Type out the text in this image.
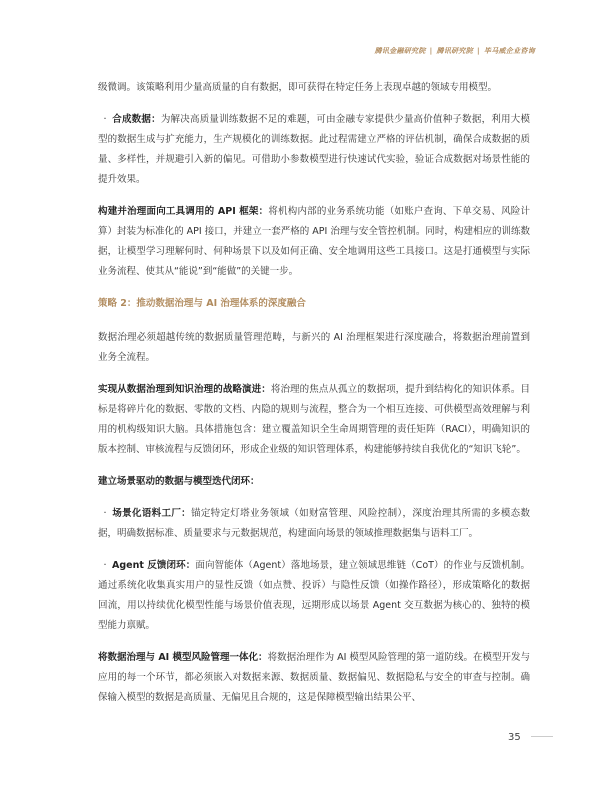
腾讯金融研究院 | 腾讯研究院 | 毕马威企业咨询

级微调。该策略利用少量高质量的自有数据，即可获得在特定任务上表现卓越的领域专用模型。

· 合成数据：为解决高质量训练数据不足的难题，可由金融专家提供少量高价值种子数据，利用大模型的数据生成与扩充能力，生产规模化的训练数据。此过程需建立严格的评估机制，确保合成数据的质量、多样性，并规避引入新的偏见。可借助小参数模型进行快速试代实验，验证合成数据对场景性能的提升效果。

构建并治理面向工具调用的 API 框架：将机构内部的业务系统功能（如账户查询、下单交易、风险计算）封装为标准化的 API 接口，并建立一套严格的 API 治理与安全管控机制。同时，构建相应的训练数据，让模型学习理解何时、何种场景下以及如何正确、安全地调用这些工具接口。这是打通模型与实际业务流程、使其从“能说”到“能做”的关键一步。

策略 2：推动数据治理与 AI 治理体系的深度融合

数据治理必须超越传统的数据质量管理范畴，与新兴的 AI 治理框架进行深度融合，将数据治理前置到业务全流程。

实现从数据治理到知识治理的战略演进：将治理的焦点从孤立的数据项，提升到结构化的知识体系。目标是将碎片化的数据、零散的文档、内隐的规则与流程，整合为一个相互连接、可供模型高效理解与利用的机构级知识大脑。具体措施包含：建立覆盖知识全生命周期管理的责任矩阵（RACI），明确知识的版本控制、审核流程与反馈闭环，形成企业级的知识管理体系，构建能够持续自我优化的“知识飞轮”。

建立场景驱动的数据与模型迭代闭环：

· 场景化语料工厂：锚定特定灯塔业务领域（如财富管理、风险控制），深度治理其所需的多模态数据，明确数据标准、质量要求与元数据规范，构建面向场景的领域推理数据集与语料工厂。

· Agent 反馈闭环：面向智能体（Agent）落地场景，建立领域思维链（CoT）的作业与反馈机制。通过系统化收集真实用户的显性反馈（如点赞、投诉）与隐性反馈（如操作路径），形成策略化的数据回流，用以持续优化模型性能与场景价值表现，远期形成以场景 Agent 交互数据为核心的、独特的模型能力禀赋。

将数据治理与 AI 模型风险管理一体化：将数据治理作为 AI 模型风险管理的第一道防线。在模型开发与应用的每一个环节，都必须嵌入对数据来源、数据质量、数据偏见、数据隐私与安全的审查与控制。确保输入模型的数据是高质量、无偏见且合规的，这是保障模型输出结果公平、

35
